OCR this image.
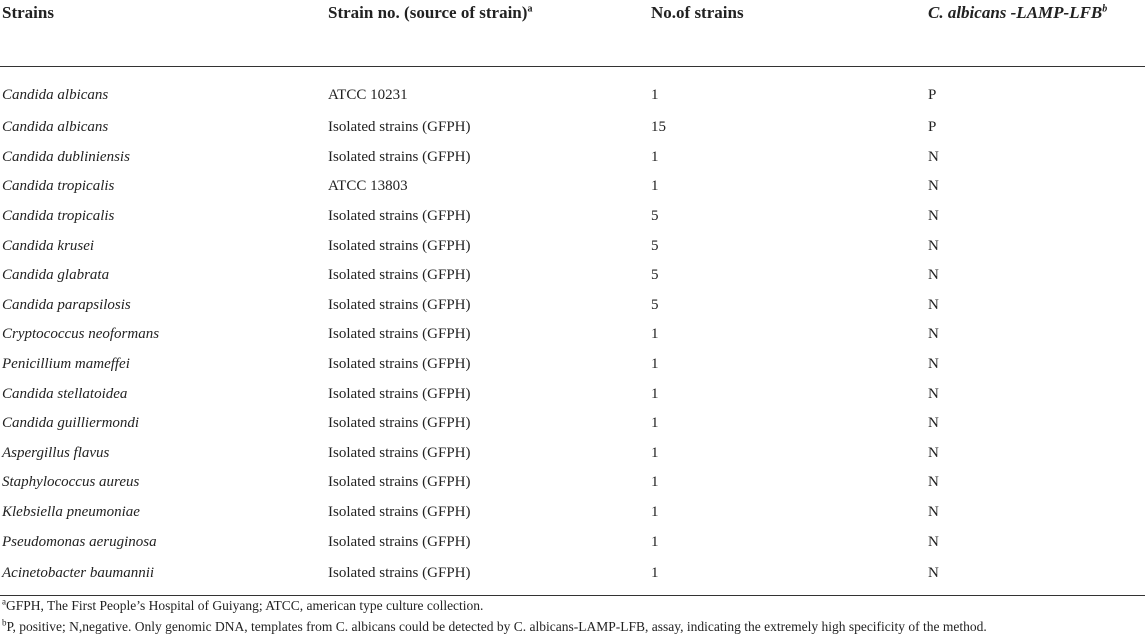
Strains	Strain no. (source of strain)$^a$	No.of strains	C. albicans -LAMP-LFB$^b$
Candida albicans	ATCC 10231	1	P
Candida albicans	Isolated strains (GFPH)	15	P
Candida dubliniensis	Isolated strains (GFPH)	1	N
Candida tropicalis	ATCC 13803	1	N
Candida tropicalis	Isolated strains (GFPH)	5	N
Candida krusei	Isolated strains (GFPH)	5	N
Candida glabrata	Isolated strains (GFPH)	5	N
Candida parapsilosis	Isolated strains (GFPH)	5	N
Cryptococcus neoformans	Isolated strains (GFPH)	1	N
Penicillium mameffei	Isolated strains (GFPH)	1	N
Candida stellatoidea	Isolated strains (GFPH)	1	N
Candida guilliermondi	Isolated strains (GFPH)	1	N
Aspergillus flavus	Isolated strains (GFPH)	1	N
Staphylococcus aureus	Isolated strains (GFPH)	1	N
Klebsiella pneumoniae	Isolated strains (GFPH)	1	N
Pseudomonas aeruginosa	Isolated strains (GFPH)	1	N
Acinetobacter baumannii	Isolated strains (GFPH)	1	N
$^a$GFPH, The First People’s Hospital of Guiyang; ATCC, american type culture collection.
$^b$P, positive; N,negative. Only genomic DNA, templates from C. albicans could be detected by C. albicans-LAMP-LFB, assay, indicating the extremely high specificity of the method.
